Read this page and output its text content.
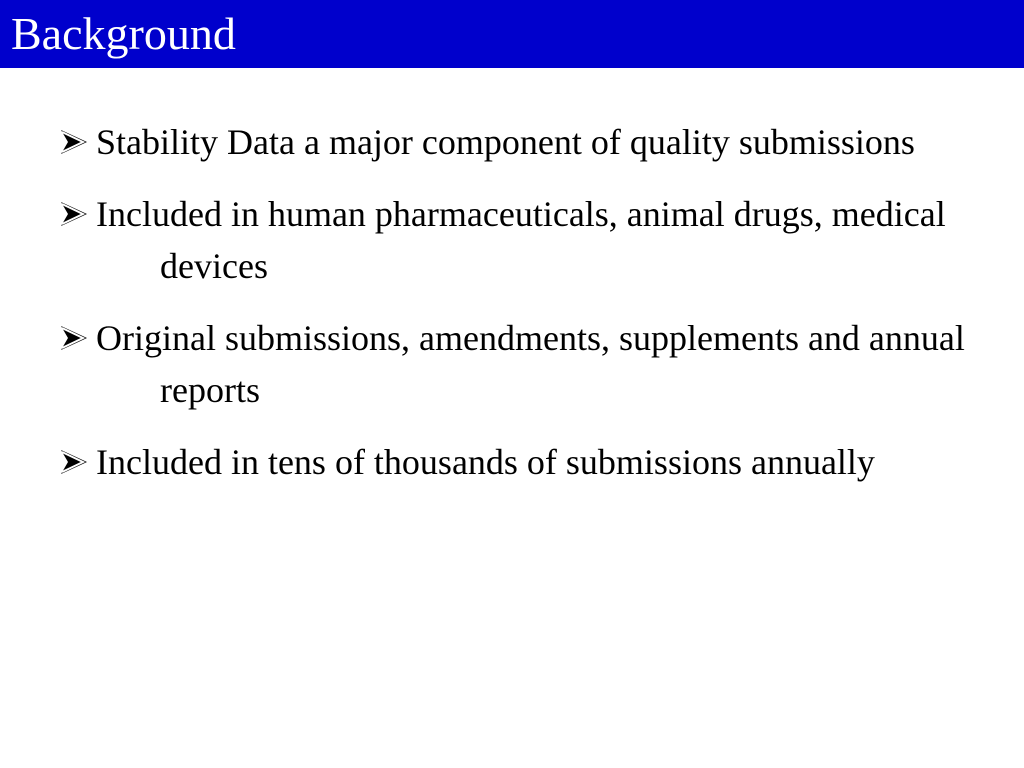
Background
Stability Data a major component of quality submissions
Included in human pharmaceuticals, animal drugs, medical devices
Original submissions, amendments, supplements and annual reports
Included in tens of thousands of submissions annually
